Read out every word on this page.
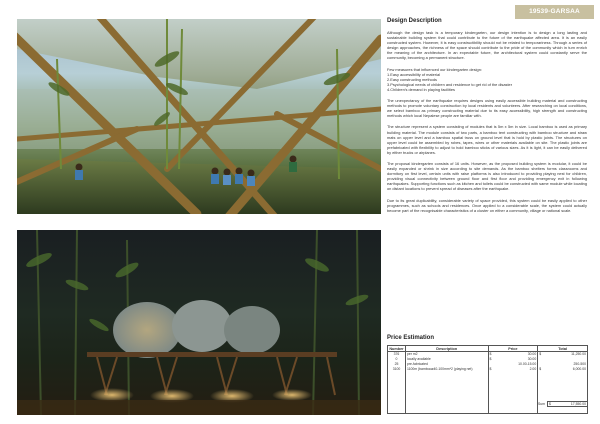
19539-GARSAA
Design Description

Although the design task is a temporary kindergarten, our design intention is to design a long lasting and sustainable building system that could contribute to the future of the earthquake affected area. It is an easily constructed system. However, it is easy constructibility should not be related to temporariness. Through a series of design approaches, the richness of the space should contribute to the pride of the community which in turn enrich the meaning of the architecture. In an expectable future, the architectural system could constantly serve the community, becoming a permanent structure.

Few measures that influenced our kindergarten design:

1.Easy accessibility of material
2.Easy constructing methods
3.Psychological needs of children and residence to get rid of the disaster
4.Children's demand in playing facilities

The unexpectancy of the earthquake requires designs using easily accessible building material and constructing methods to promote voluntary construction by local residents and volunteers. After researching on local conditions, we select bamboo as primary constructing material due to its easy accessibility, high strength and constructing methods which local Nepalese people are familiar with.

The structure represent a system consisting of modules that is 5m x 5m in size. Local bamboo is used as primary building material. The module consists of two parts, a bamboo tent constructing with bamboo structure and straw mats on upper level and a bamboo spatial truss on ground level that is hold by plastic joints. The structures on upper level could be assembled by robes, tapes, wires or other materials available on site. The plastic joints are prefabricated with flexibility to adjust to hold bamboo sticks of various sizes. As it is light, it can be easily delivered by either trucks or airplanes.

The proposal kindergarten consists of 16 units. However, as the proposed building system is modular, it could be easily expanded or shrink in size according to site demands. As the bamboo shelters forms classrooms and dormitory on first level, certain units with raise platforms is also introduced to providing playing nest for children, providing visual connectivity between ground floor and first floor and providing emergency exit in following earthquakes. Supporting functions such as kitchen and toilets could be constructed with same module while locating on distant locations to prevent spread of diseases after the earthquake.

Due to its great duplicability, considerable variety of space provided, this system could be easily applied to other programmes, such as schools and residences. Once applied to a considerable scale, the system could actually become part of the recognisable characteristics of a cluster on either a community, village or national scale.

Price Estimation
Number	Description	Price	Total
376	per m2	$ 30.00	$ 11,250.00

0	locally available	$ 30.00	

25	pre-fabricated	10.00-15.00	250-500

3100	1100m (bambooø40-100mm*2 (playing net)	$ 2.00	$ 6,000.00

Sum $	17,550.00
